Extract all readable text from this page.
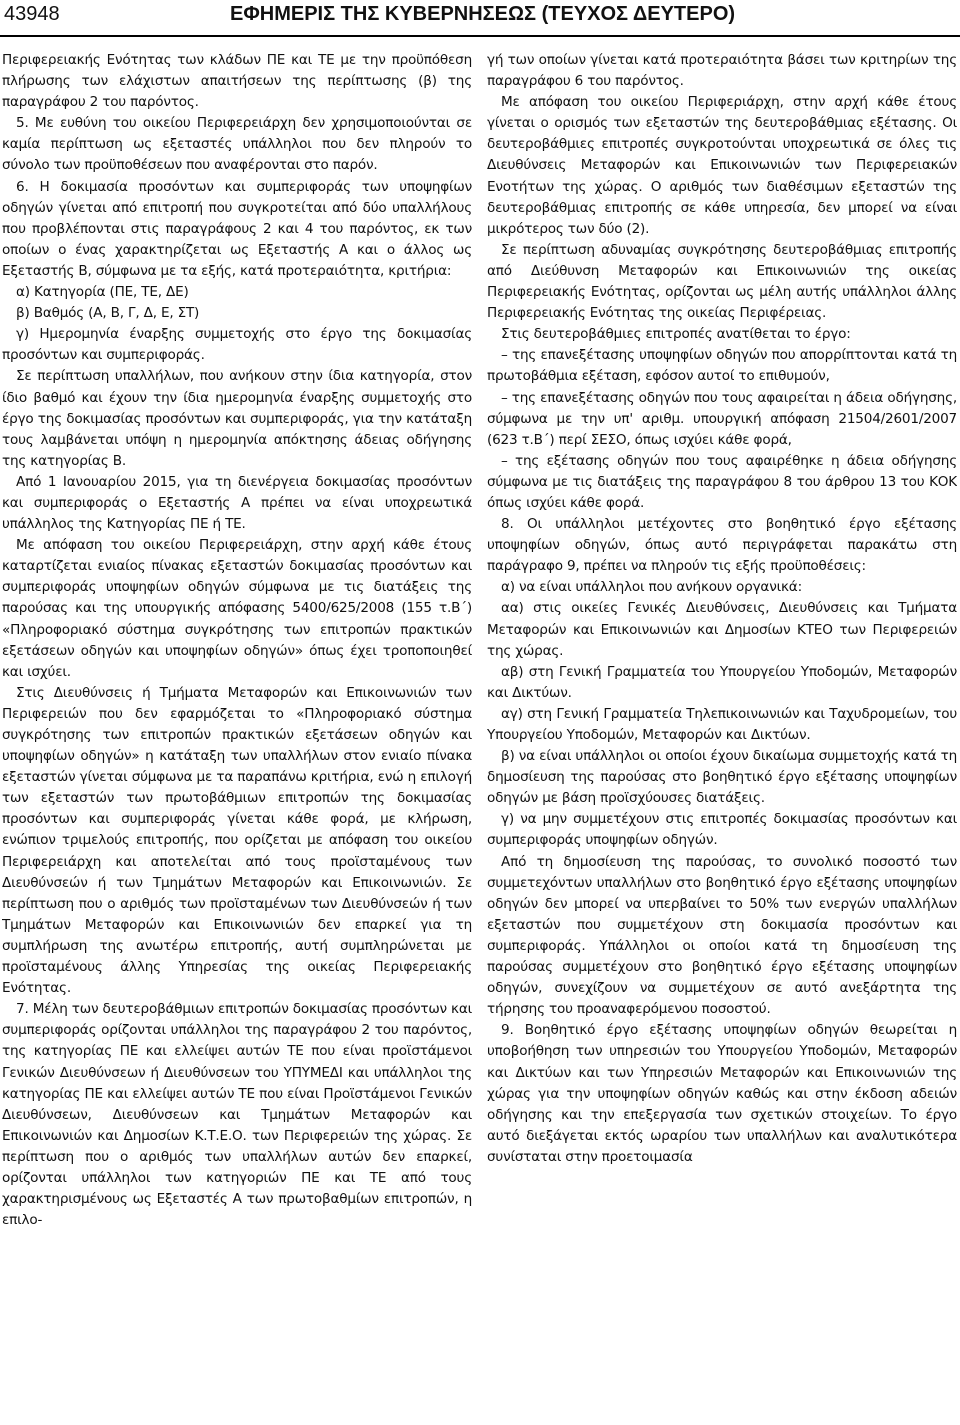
43948	ΕΦΗΜΕΡΙΣ ΤΗΣ ΚΥΒΕΡΝΗΣΕΩΣ (ΤΕΥΧΟΣ ΔΕΥΤΕΡΟ)

Περιφερειακής Ενότητας των κλάδων ΠΕ και ΤΕ με την προϋπόθεση πλήρωσης των ελάχιστων απαιτήσεων της περίπτωσης (β) της παραγράφου 2 του παρόντος.

5. Με ευθύνη του οικείου Περιφερειάρχη δεν χρησιμοποιούνται σε καμία περίπτωση ως εξεταστές υπάλληλοι που δεν πληρούν το σύνολο των προϋποθέσεων που αναφέρονται στο παρόν.

6. Η δοκιμασία προσόντων και συμπεριφοράς των υποψηφίων οδηγών γίνεται από επιτροπή που συγκροτείται από δύο υπαλλήλους που προβλέπονται στις παραγράφους 2 και 4 του παρόντος, εκ των οποίων ο ένας χαρακτηρίζεται ως Εξεταστής Α και ο άλλος ως Εξεταστής Β, σύμφωνα με τα εξής, κατά προτεραιότητα, κριτήρια:

α) Κατηγορία (ΠΕ, ΤΕ, ΔΕ)

β) Βαθμός (Α, Β, Γ, Δ, Ε, ΣΤ)

γ) Ημερομηνία έναρξης συμμετοχής στο έργο της δοκιμασίας προσόντων και συμπεριφοράς.

Σε περίπτωση υπαλλήλων, που ανήκουν στην ίδια κατηγορία, στον ίδιο βαθμό και έχουν την ίδια ημερομηνία έναρξης συμμετοχής στο έργο της δοκιμασίας προσόντων και συμπεριφοράς, για την κατάταξη τους λαμβάνεται υπόψη η ημερομηνία απόκτησης άδειας οδήγησης της κατηγορίας Β.

Από 1 Ιανουαρίου 2015, για τη διενέργεια δοκιμασίας προσόντων και συμπεριφοράς ο Εξεταστής Α πρέπει να είναι υποχρεωτικά υπάλληλος της Κατηγορίας ΠΕ ή ΤΕ.

Με απόφαση του οικείου Περιφερειάρχη, στην αρχή κάθε έτους καταρτίζεται ενιαίος πίνακας εξεταστών δοκιμασίας προσόντων και συμπεριφοράς υποψηφίων οδηγών σύμφωνα με τις διατάξεις της παρούσας και της υπουργικής απόφασης 5400/625/2008 (155 τ.Β΄) «Πληροφοριακό σύστημα συγκρότησης των επιτροπών πρακτικών εξετάσεων οδηγών και υποψηφίων οδηγών» όπως έχει τροποποιηθεί και ισχύει.

Στις Διευθύνσεις ή Τμήματα Μεταφορών και Επικοινωνιών των Περιφερειών που δεν εφαρμόζεται το «Πληροφοριακό σύστημα συγκρότησης των επιτροπών πρακτικών εξετάσεων οδηγών και υποψηφίων οδηγών» η κατάταξη των υπαλλήλων στον ενιαίο πίνακα εξεταστών γίνεται σύμφωνα με τα παραπάνω κριτήρια, ενώ η επιλογή των εξεταστών των πρωτοβάθμιων επιτροπών της δοκιμασίας προσόντων και συμπεριφοράς γίνεται κάθε φορά, με κλήρωση, ενώπιον τριμελούς επιτροπής, που ορίζεται με απόφαση του οικείου Περιφερειάρχη και αποτελείται από τους προϊσταμένους των Διευθύνσεών ή των Τμημάτων Μεταφορών και Επικοινωνιών. Σε περίπτωση που ο αριθμός των προϊσταμένων των Διευθύνσεών ή των Τμημάτων Μεταφορών και Επικοινωνιών δεν επαρκεί για τη συμπλήρωση της ανωτέρω επιτροπής, αυτή συμπληρώνεται με προϊσταμένους άλλης Υπηρεσίας της οικείας Περιφερειακής Ενότητας.

7. Μέλη των δευτεροβάθμιων επιτροπών δοκιμασίας προσόντων και συμπεριφοράς ορίζονται υπάλληλοι της παραγράφου 2 του παρόντος, της κατηγορίας ΠΕ και ελλείψει αυτών ΤΕ που είναι προϊστάμενοι Γενικών Διευθύνσεων ή Διευθύνσεων του ΥΠΥΜΕΔΙ και υπάλληλοι της κατηγορίας ΠΕ και ελλείψει αυτών ΤΕ που είναι Προϊστάμενοι Γενικών Διευθύνσεων, Διευθύνσεων και Τμημάτων Μεταφορών και Επικοινωνιών και Δημοσίων Κ.Τ.Ε.Ο. των Περιφερειών της χώρας. Σε περίπτωση που ο αριθμός των υπαλλήλων αυτών δεν επαρκεί, ορίζονται υπάλληλοι των κατηγοριών ΠΕ και ΤΕ από τους χαρακτηρισμένους ως Εξεταστές Α των πρωτοβαθμίων επιτροπών, η επιλο-

γή των οποίων γίνεται κατά προτεραιότητα βάσει των κριτηρίων της παραγράφου 6 του παρόντος.

Με απόφαση του οικείου Περιφεριάρχη, στην αρχή κάθε έτους γίνεται ο ορισμός των εξεταστών της δευτεροβάθμιας εξέτασης. Οι δευτεροβάθμιες επιτροπές συγκροτούνται υποχρεωτικά σε όλες τις Διευθύνσεις Μεταφορών και Επικοινωνιών των Περιφερειακών Ενοτήτων της χώρας. Ο αριθμός των διαθέσιμων εξεταστών της δευτεροβάθμιας επιτροπής σε κάθε υπηρεσία, δεν μπορεί να είναι μικρότερος των δύο (2).

Σε περίπτωση αδυναμίας συγκρότησης δευτεροβάθμιας επιτροπής από Διεύθυνση Μεταφορών και Επικοινωνιών της οικείας Περιφερειακής Ενότητας, ορίζονται ως μέλη αυτής υπάλληλοι άλλης Περιφερειακής Ενότητας της οικείας Περιφέρειας.

Στις δευτεροβάθμιες επιτροπές ανατίθεται το έργο:

– της επανεξέτασης υποψηφίων οδηγών που απορρίπτονται κατά τη πρωτοβάθμια εξέταση, εφόσον αυτοί το επιθυμούν,

– της επανεξέτασης οδηγών που τους αφαιρείται η άδεια οδήγησης, σύμφωνα με την υπ' αριθμ. υπουργική απόφαση 21504/2601/2007 (623 τ.Β΄) περί ΣΕΣΟ, όπως ισχύει κάθε φορά,

– της εξέτασης οδηγών που τους αφαιρέθηκε η άδεια οδήγησης σύμφωνα με τις διατάξεις της παραγράφου 8 του άρθρου 13 του ΚΟΚ όπως ισχύει κάθε φορά.

8. Οι υπάλληλοι μετέχοντες στο βοηθητικό έργο εξέτασης υποψηφίων οδηγών, όπως αυτό περιγράφεται παρακάτω στη παράγραφο 9, πρέπει να πληρούν τις εξής προϋποθέσεις:

α) να είναι υπάλληλοι που ανήκουν οργανικά:

αα) στις οικείες Γενικές Διευθύνσεις, Διευθύνσεις και Τμήματα Μεταφορών και Επικοινωνιών και Δημοσίων ΚΤΕΟ των Περιφερειών της χώρας.

αβ) στη Γενική Γραμματεία του Υπουργείου Υποδομών, Μεταφορών και Δικτύων.

αγ) στη Γενική Γραμματεία Τηλεπικοινωνιών και Ταχυδρομείων, του Υπουργείου Υποδομών, Μεταφορών και Δικτύων.

β) να είναι υπάλληλοι οι οποίοι έχουν δικαίωμα συμμετοχής κατά τη δημοσίευση της παρούσας στο βοηθητικό έργο εξέτασης υποψηφίων οδηγών με βάση προϊσχύουσες διατάξεις.

γ) να μην συμμετέχουν στις επιτροπές δοκιμασίας προσόντων και συμπεριφοράς υποψηφίων οδηγών.

Από τη δημοσίευση της παρούσας, το συνολικό ποσοστό των συμμετεχόντων υπαλλήλων στο βοηθητικό έργο εξέτασης υποψηφίων οδηγών δεν μπορεί να υπερβαίνει το 50% των ενεργών υπαλλήλων εξεταστών που συμμετέχουν στη δοκιμασία προσόντων και συμπεριφοράς. Υπάλληλοι οι οποίοι κατά τη δημοσίευση της παρούσας συμμετέχουν στο βοηθητικό έργο εξέτασης υποψηφίων οδηγών, συνεχίζουν να συμμετέχουν σε αυτό ανεξάρτητα της τήρησης του προαναφερόμενου ποσοστού.

9. Βοηθητικό έργο εξέτασης υποψηφίων οδηγών θεωρείται η υποβοήθηση των υπηρεσιών του Υπουργείου Υποδομών, Μεταφορών και Δικτύων και των Υπηρεσιών Μεταφορών και Επικοινωνιών της χώρας για την υποψηφίων οδηγών καθώς και στην έκδοση αδειών οδήγησης και την επεξεργασία των σχετικών στοιχείων. Το έργο αυτό διεξάγεται εκτός ωραρίου των υπαλλήλων και αναλυτικότερα συνίσταται στην προετοιμασία
